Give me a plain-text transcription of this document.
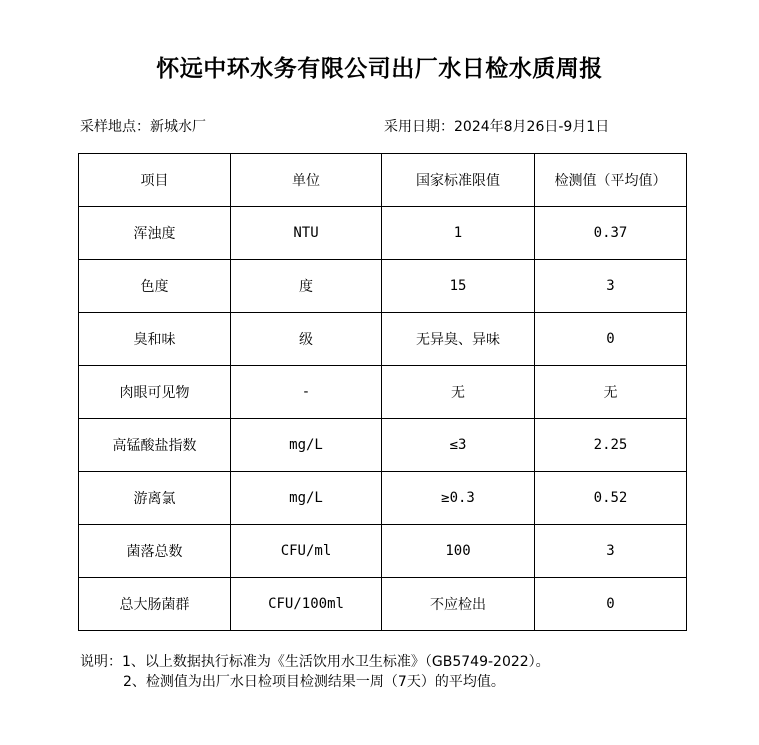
怀远中环水务有限公司出厂水日检水质周报
采样地点：新城水厂	采用日期：2024年8月26日-9月1日
项目	单位	国家标准限值	检测值（平均值）
浑浊度	NTU	1	0.37
色度	度	15	3
臭和味	级	无异臭、异味	0
肉眼可见物	-	无	无
高锰酸盐指数	mg/L	≤3	2.25
游离氯	mg/L	≥0.3	0.52
菌落总数	CFU/ml	100	3
总大肠菌群	CFU/100ml	不应检出	0
说明：1、以上数据执行标准为《生活饮用水卫生标准》（GB5749-2022）。
2、检测值为出厂水日检项目检测结果一周（7天）的平均值。
